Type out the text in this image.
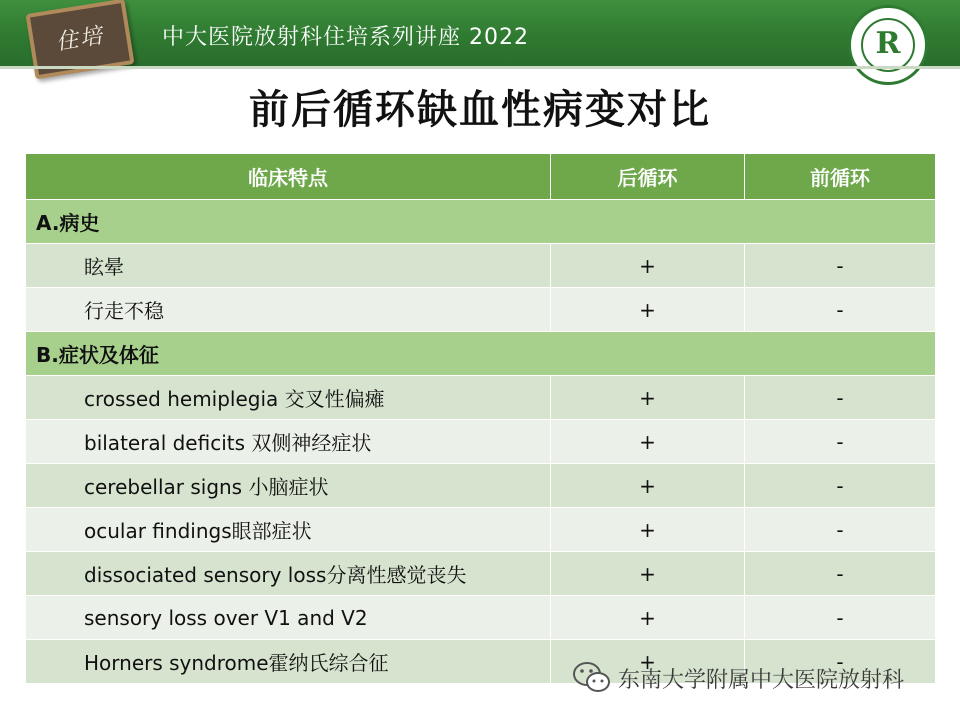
住培	中大医院放射科住培系列讲座 2022	R
前后循环缺血性病变对比
临床特点	后循环	前循环
A.病史		
眩晕	+	-
行走不稳	+	-
B.症状及体征		
crossed hemiplegia 交叉性偏瘫	+	-
bilateral deficits 双侧神经症状	+	-
cerebellar signs 小脑症状	+	-
ocular findings眼部症状	+	-
dissociated sensory loss分离性感觉丧失	+	-
sensory loss over V1 and V2	+	-
Horners syndrome霍纳氏综合征	+	-
东南大学附属中大医院放射科
